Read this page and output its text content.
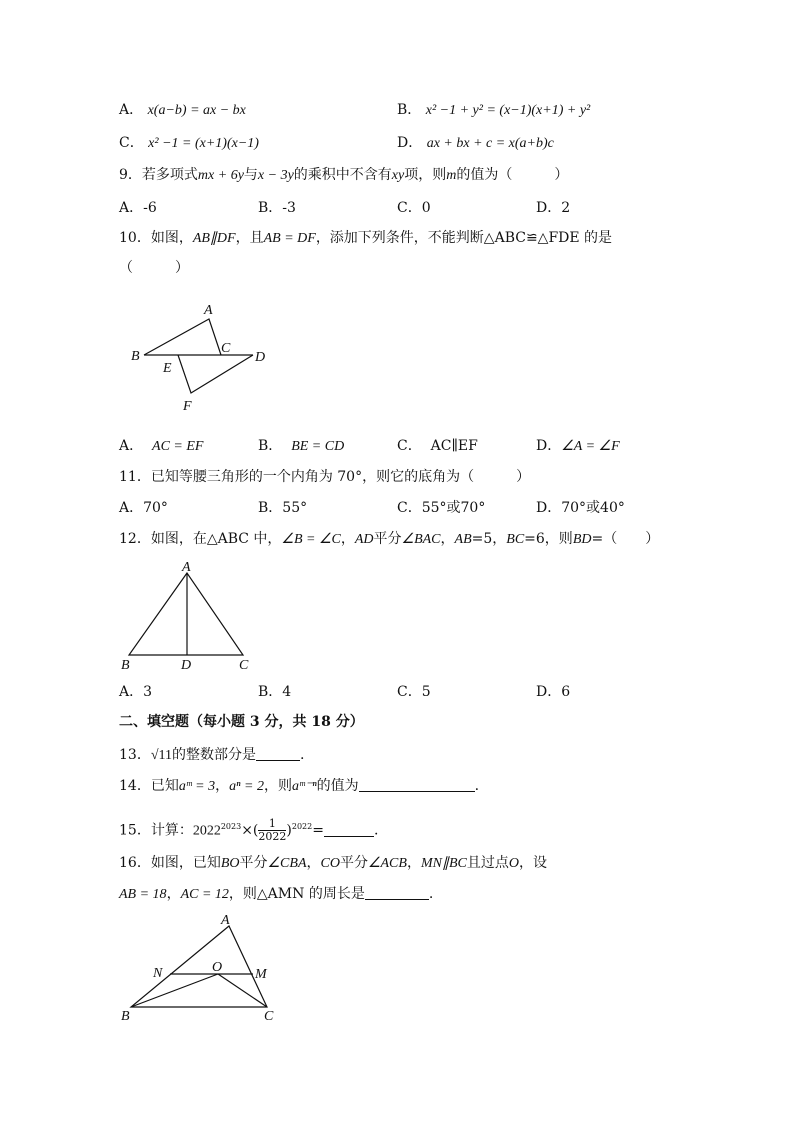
A． x(a−b) = ax − bx	B． x² −1 + y² = (x−1)(x+1) + y²
C． x² −1 = (x+1)(x−1)	D． ax + bx + c = x(a+b)c
9．若多项式mx + 6y与x − 3y的乘积中不含有xy项，则m的值为（　　　）
A．-6	B．-3	C．0	D．2
10．如图，AB∥DF，且AB = DF，添加下列条件，不能判断△ABC≌△FDE 的是
（　　　）
A
B
C
D
E
F
A． AC = EF	B． BE = CD	C． AC∥EF	D．∠A = ∠F
11．已知等腰三角形的一个内角为 70°，则它的底角为（　　　）
A．70°	B．55°	C．55°或70°	D．70°或40°
12．如图，在△ABC 中，∠B = ∠C，AD平分∠BAC，AB=5，BC=6，则BD=（　　）
A
B	D	C
A．3	B．4	C．5	D．6
二、填空题（每小题 3 分，共 18 分）
13．√11的整数部分是	.
14．已知aᵐ = 3，aⁿ = 2，则aᵐ⁻ⁿ的值为	.
15．计算：$2022^{2023}\times( \frac{1}{2022} )^{2022}=$	.
16．如图，已知BO平分∠CBA，CO平分∠ACB，MN∥BC且过点O，设
AB = 18，AC = 12，则△AMN 的周长是	.
A
N	O M
B	C
